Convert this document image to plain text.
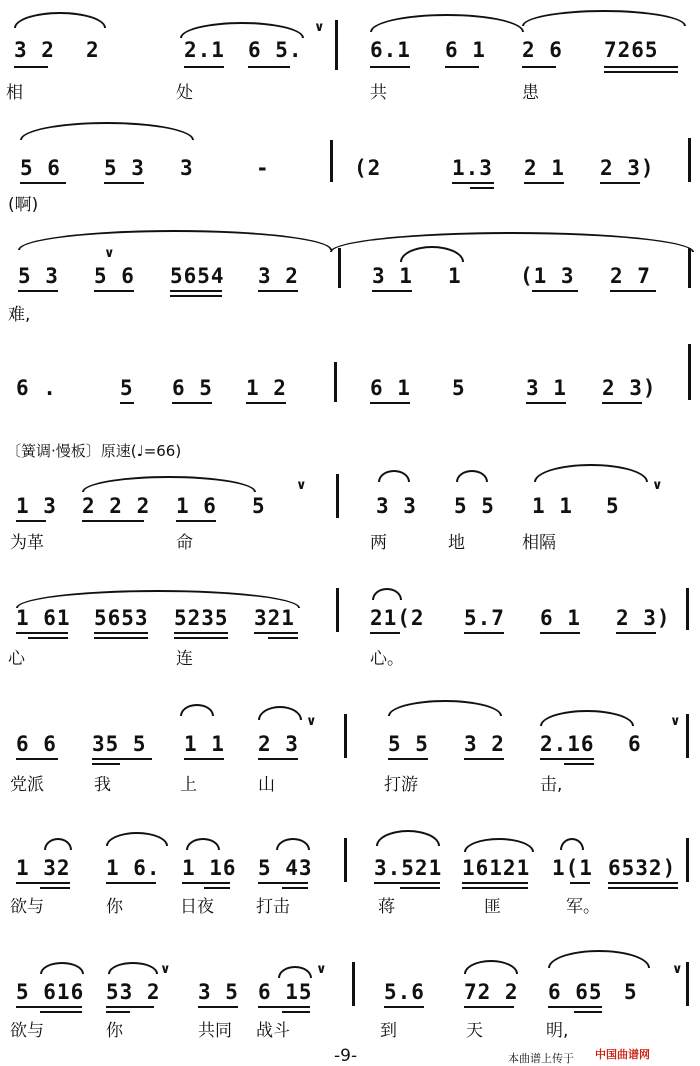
∨
3 2 2	2.1 6 5.	6.1 6 1 2 6 7265
相	处	共	患
5 6 5 3 3	-	(2	1.3 2 1 2 3)
(啊)
∨
5 3 5 6 5654 3 2	3 1 1	(1 3 2 7
难,
6 .	5 6 5 1 2	6 1 5	3 1 2 3)
〔簧调·慢板〕原速(♩=66)
∨	∨
1 3 2 2 2 1 6 5	3 3 5 5 1 1 5
为革	命	两	地	相隔
1 61 5653 5235 321	21(2 5.7 6 1 2 3)
心	连	心。
∨	∨
6 6 35 5 1 1 2 3	5 5 3 2 2.16 6
党派	我	上	山	打游	击,
1 32 1 6. 1 16 5 43	3.521 16121 1(1 6532)
欲与	你	日夜 打击	蒋	匪	军。
∨	∨	∨
5 616 53 2 3 5 6 15	5.6 72 2 6 65 5
欲与	你	共同 战斗	到	天	明,
-9-	本曲谱上传于 中国曲谱网
